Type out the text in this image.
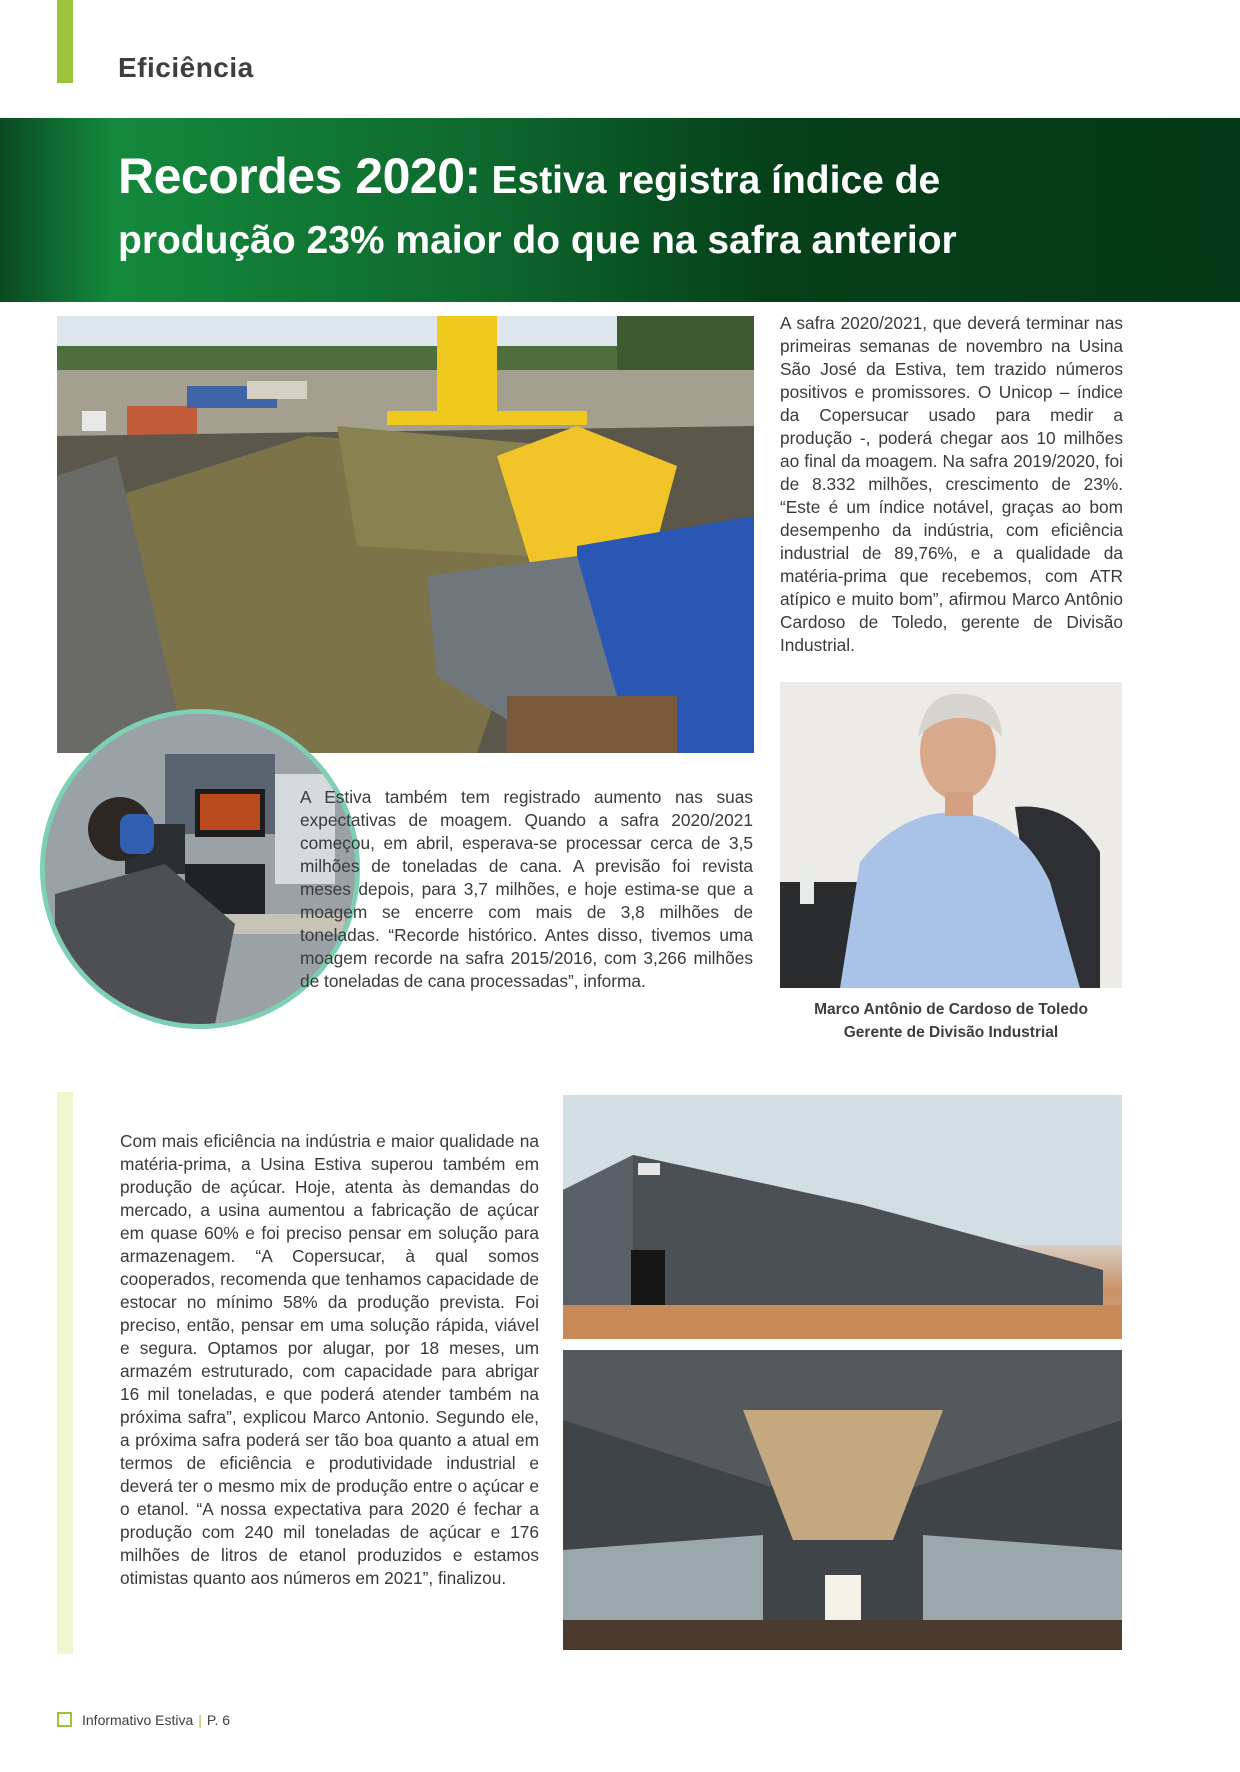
Eficiência
Recordes 2020: Estiva registra índice de
produção 23% maior do que na safra anterior
A safra 2020/2021, que deverá terminar nas primeiras semanas de novembro na Usina São José da Estiva, tem trazido números positivos e promissores. O Unicop – índice da Copersucar usado para medir a produção -, poderá chegar aos 10 milhões ao final da moagem. Na safra 2019/2020, foi de 8.332 milhões, crescimento de 23%. “Este é um índice notável, graças ao bom desempenho da indústria, com eficiência industrial de 89,76%, e a qualidade da matéria-prima que recebemos, com ATR atípico e muito bom”, afirmou Marco Antônio Cardoso de Toledo, gerente de Divisão Industrial.
A Estiva também tem registrado aumento nas suas expectativas de moagem. Quando a safra 2020/2021 começou, em abril, esperava-se processar cerca de 3,5 milhões de toneladas de cana. A previsão foi revista meses depois, para 3,7 milhões, e hoje estima-se que a moagem se encerre com mais de 3,8 milhões de toneladas. “Recorde histórico. Antes disso, tivemos uma moagem recorde na safra 2015/2016, com 3,266 milhões de toneladas de cana processadas”, informa.
Marco Antônio de Cardoso de Toledo
Gerente de Divisão Industrial
Com mais eficiência na indústria e maior qualidade na matéria-prima, a Usina Estiva superou também em produção de açúcar. Hoje, atenta às demandas do mercado, a usina aumentou a fabricação de açúcar em quase 60% e foi preciso pensar em solução para armazenagem. “A Copersucar, à qual somos cooperados, recomenda que tenhamos capacidade de estocar no mínimo 58% da produção prevista. Foi preciso, então, pensar em uma solução rápida, viável e segura. Optamos por alugar, por 18 meses, um armazém estruturado, com capacidade para abrigar 16 mil toneladas, e que poderá atender também na próxima safra”, explicou Marco Antonio. Segundo ele, a próxima safra poderá ser tão boa quanto a atual em termos de eficiência e produtividade industrial e deverá ter o mesmo mix de produção entre o açúcar e o etanol. “A nossa expectativa para 2020 é fechar a produção com 240 mil toneladas de açúcar e 176 milhões de litros de etanol produzidos e estamos otimistas quanto aos números em 2021”, finalizou.
Informativo Estiva | P. 6
